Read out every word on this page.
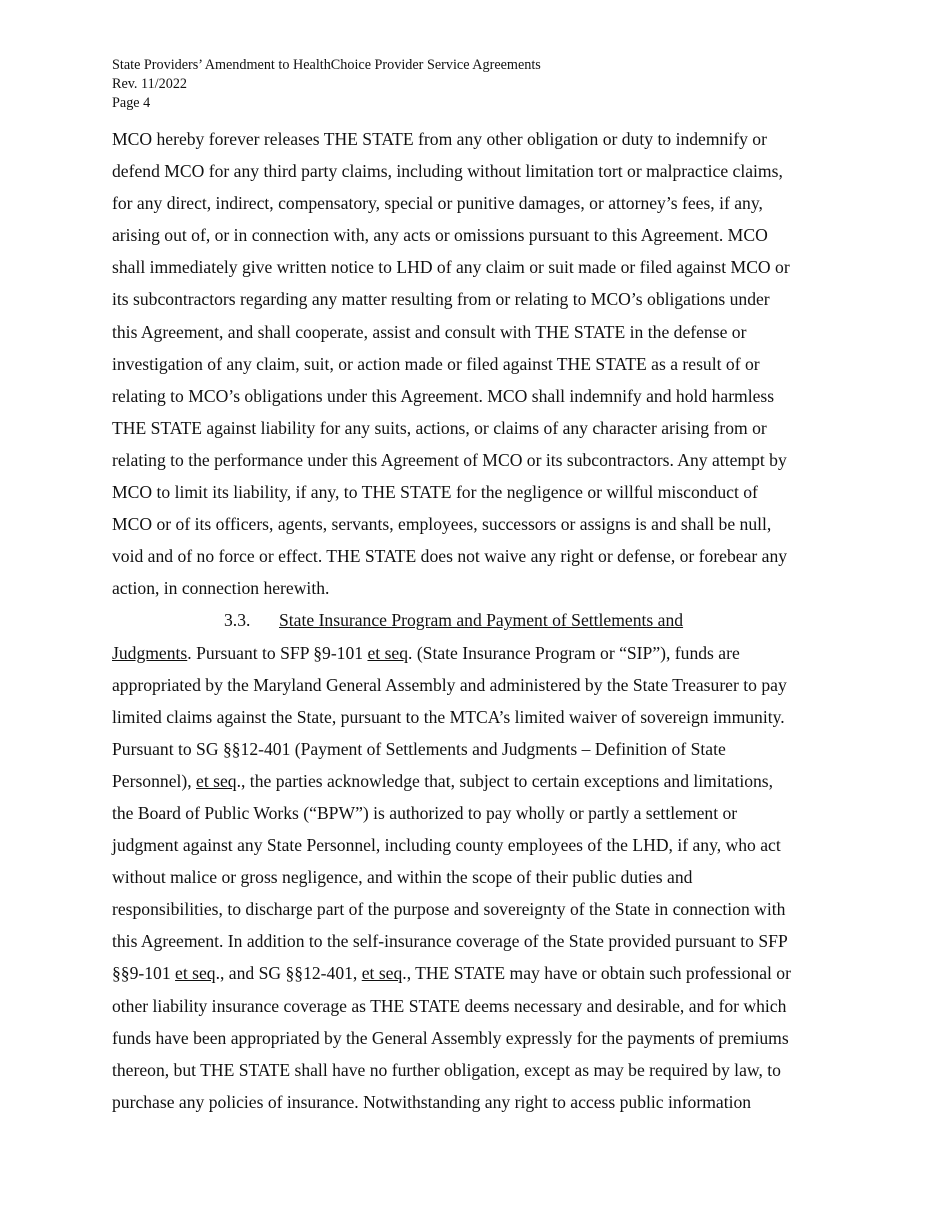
State Providers’ Amendment to HealthChoice Provider Service Agreements
Rev. 11/2022
Page 4
MCO hereby forever releases THE STATE from any other obligation or duty to indemnify or
defend MCO for any third party claims, including without limitation tort or malpractice claims,
for any direct, indirect, compensatory, special or punitive damages, or attorney’s fees, if any,
arising out of, or in connection with, any acts or omissions pursuant to this Agreement. MCO
shall immediately give written notice to LHD of any claim or suit made or filed against MCO or
its subcontractors regarding any matter resulting from or relating to MCO’s obligations under
this Agreement, and shall cooperate, assist and consult with THE STATE in the defense or
investigation of any claim, suit, or action made or filed against THE STATE as a result of or
relating to MCO’s obligations under this Agreement. MCO shall indemnify and hold harmless
THE STATE against liability for any suits, actions, or claims of any character arising from or
relating to the performance under this Agreement of MCO or its subcontractors. Any attempt by
MCO to limit its liability, if any, to THE STATE for the negligence or willful misconduct of
MCO or of its officers, agents, servants, employees, successors or assigns is and shall be null,
void and of no force or effect. THE STATE does not waive any right or defense, or forebear any
action, in connection herewith.
3.3. State Insurance Program and Payment of Settlements and
Judgments. Pursuant to SFP §9-101 et seq. (State Insurance Program or “SIP”), funds are
appropriated by the Maryland General Assembly and administered by the State Treasurer to pay
limited claims against the State, pursuant to the MTCA’s limited waiver of sovereign immunity.
Pursuant to SG §§12-401 (Payment of Settlements and Judgments – Definition of State
Personnel), et seq., the parties acknowledge that, subject to certain exceptions and limitations,
the Board of Public Works (“BPW”) is authorized to pay wholly or partly a settlement or
judgment against any State Personnel, including county employees of the LHD, if any, who act
without malice or gross negligence, and within the scope of their public duties and
responsibilities, to discharge part of the purpose and sovereignty of the State in connection with
this Agreement. In addition to the self-insurance coverage of the State provided pursuant to SFP
§§9-101 et seq., and SG §§12-401, et seq., THE STATE may have or obtain such professional or
other liability insurance coverage as THE STATE deems necessary and desirable, and for which
funds have been appropriated by the General Assembly expressly for the payments of premiums
thereon, but THE STATE shall have no further obligation, except as may be required by law, to
purchase any policies of insurance. Notwithstanding any right to access public information
